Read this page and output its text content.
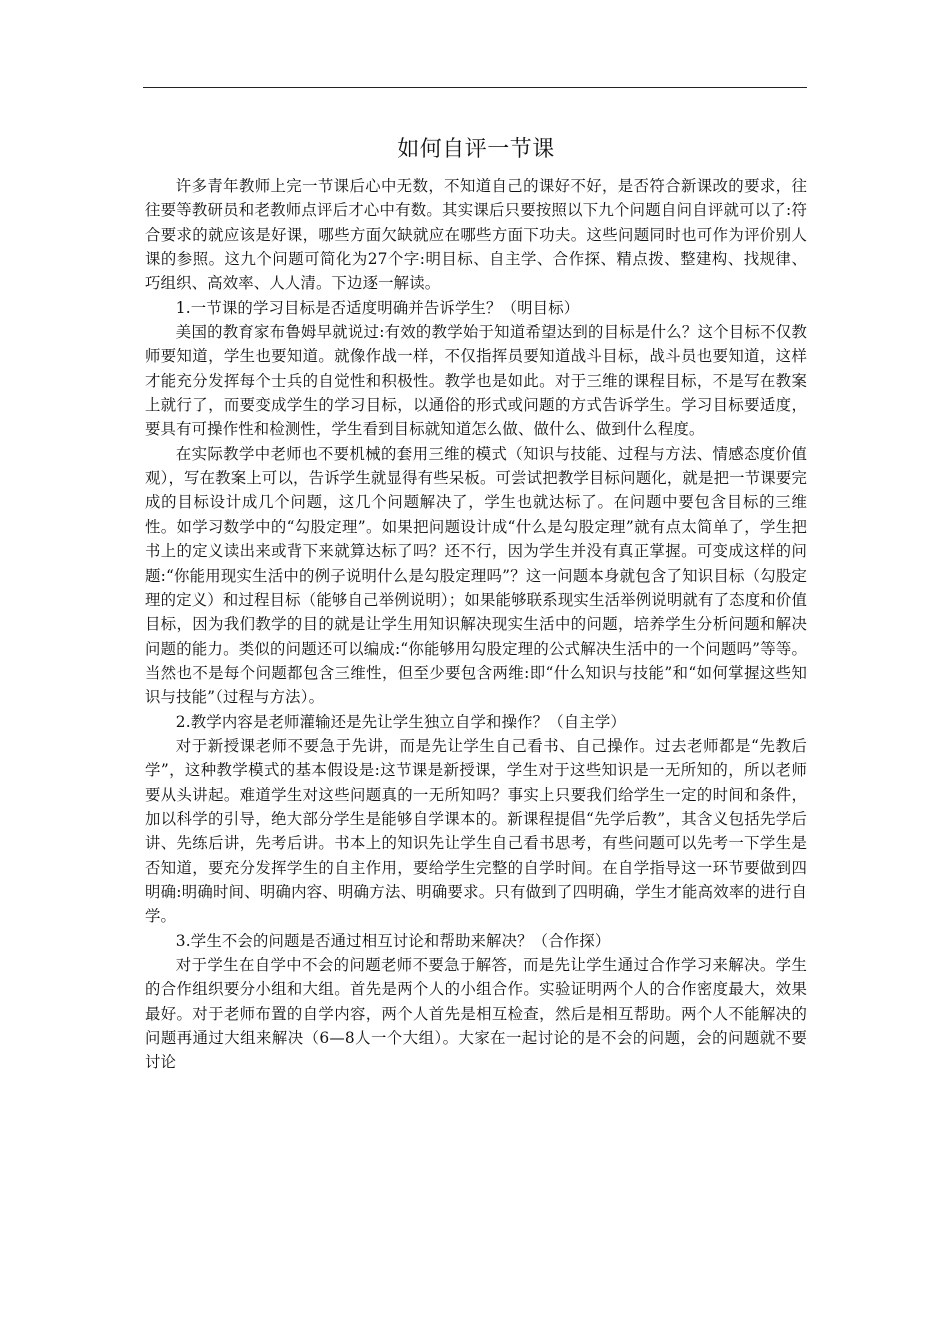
如何自评一节课

许多青年教师上完一节课后心中无数，不知道自己的课好不好，是否符合新课改的要求，往往要等教研员和老教师点评后才心中有数。其实课后只要按照以下九个问题自问自评就可以了:符合要求的就应该是好课，哪些方面欠缺就应在哪些方面下功夫。这些问题同时也可作为评价别人课的参照。这九个问题可简化为27个字:明目标、自主学、合作探、精点拨、整建构、找规律、巧组织、高效率、人人清。下边逐一解读。

1.一节课的学习目标是否适度明确并告诉学生？（明目标）

美国的教育家布鲁姆早就说过:有效的教学始于知道希望达到的目标是什么？这个目标不仅教师要知道，学生也要知道。就像作战一样，不仅指挥员要知道战斗目标，战斗员也要知道，这样才能充分发挥每个士兵的自觉性和积极性。教学也是如此。对于三维的课程目标，不是写在教案上就行了，而要变成学生的学习目标，以通俗的形式或问题的方式告诉学生。学习目标要适度，要具有可操作性和检测性，学生看到目标就知道怎么做、做什么、做到什么程度。

在实际教学中老师也不要机械的套用三维的模式（知识与技能、过程与方法、情感态度价值观），写在教案上可以，告诉学生就显得有些呆板。可尝试把教学目标问题化，就是把一节课要完成的目标设计成几个问题，这几个问题解决了，学生也就达标了。在问题中要包含目标的三维性。如学习数学中的“勾股定理”。如果把问题设计成“什么是勾股定理”就有点太简单了，学生把书上的定义读出来或背下来就算达标了吗？还不行，因为学生并没有真正掌握。可变成这样的问题:“你能用现实生活中的例子说明什么是勾股定理吗”？这一问题本身就包含了知识目标（勾股定理的定义）和过程目标（能够自己举例说明）；如果能够联系现实生活举例说明就有了态度和价值目标，因为我们教学的目的就是让学生用知识解决现实生活中的问题，培养学生分析问题和解决问题的能力。类似的问题还可以编成:“你能够用勾股定理的公式解决生活中的一个问题吗”等等。当然也不是每个问题都包含三维性，但至少要包含两维:即“什么知识与技能”和“如何掌握这些知识与技能”（过程与方法）。

2.教学内容是老师灌输还是先让学生独立自学和操作？（自主学）

对于新授课老师不要急于先讲，而是先让学生自己看书、自己操作。过去老师都是“先教后学”，这种教学模式的基本假设是:这节课是新授课，学生对于这些知识是一无所知的，所以老师要从头讲起。难道学生对这些问题真的一无所知吗？事实上只要我们给学生一定的时间和条件，加以科学的引导，绝大部分学生是能够自学课本的。新课程提倡“先学后教”，其含义包括先学后讲、先练后讲，先考后讲。书本上的知识先让学生自己看书思考，有些问题可以先考一下学生是否知道，要充分发挥学生的自主作用，要给学生完整的自学时间。在自学指导这一环节要做到四明确:明确时间、明确内容、明确方法、明确要求。只有做到了四明确，学生才能高效率的进行自学。

3.学生不会的问题是否通过相互讨论和帮助来解决？（合作探）

对于学生在自学中不会的问题老师不要急于解答，而是先让学生通过合作学习来解决。学生的合作组织要分小组和大组。首先是两个人的小组合作。实验证明两个人的合作密度最大，效果最好。对于老师布置的自学内容，两个人首先是相互检查，然后是相互帮助。两个人不能解决的问题再通过大组来解决（6—8人一个大组）。大家在一起讨论的是不会的问题，会的问题就不要讨论
